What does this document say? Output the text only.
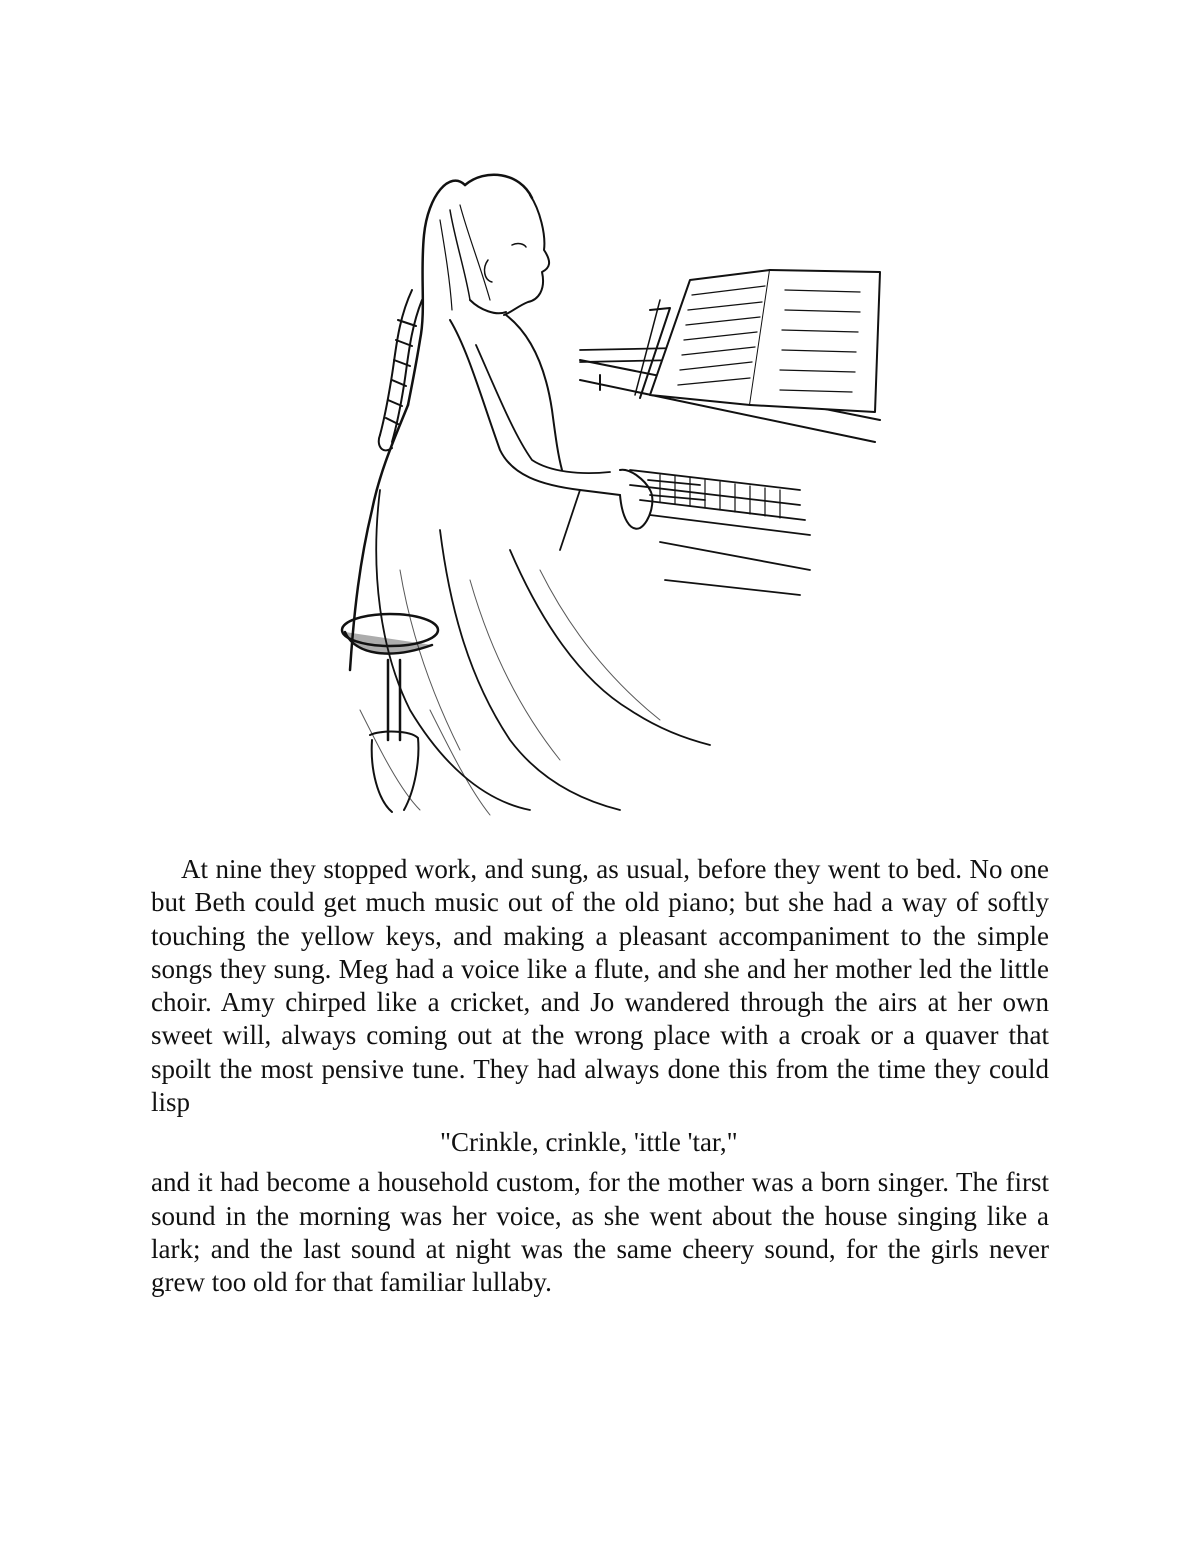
At nine they stopped work, and sung, as usual, before they went to bed. No one but Beth could get much music out of the old piano; but she had a way of softly touching the yellow keys, and making a pleasant accompaniment to the simple songs they sung. Meg had a voice like a flute, and she and her mother led the little choir. Amy chirped like a cricket, and Jo wandered through the airs at her own sweet will, always coming out at the wrong place with a croak or a quaver that spoilt the most pensive tune. They had always done this from the time they could lisp

"Crinkle, crinkle, 'ittle 'tar,"

and it had become a household custom, for the mother was a born singer. The first sound in the morning was her voice, as she went about the house singing like a lark; and the last sound at night was the same cheery sound, for the girls never grew too old for that familiar lullaby.
